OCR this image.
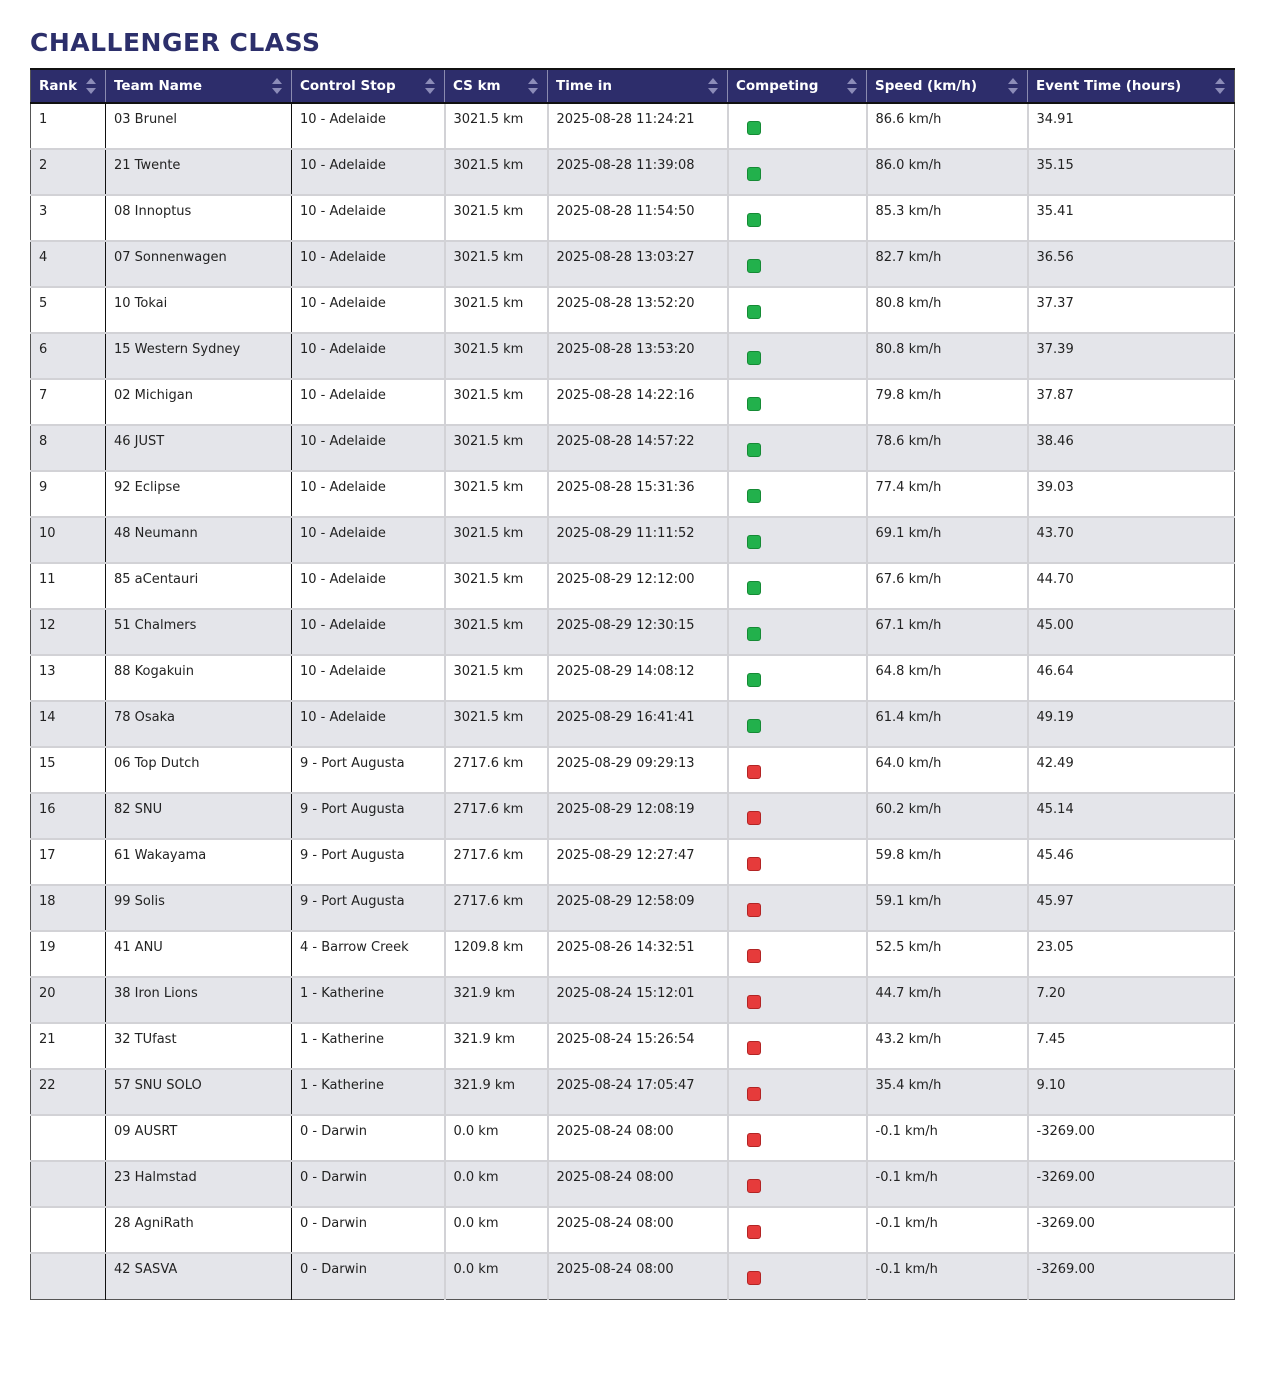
CHALLENGER CLASS
Rank	Team Name	Control Stop	CS km	Time in	Competing	Speed (km/h)	Event Time (hours)

1	03 Brunel	10 - Adelaide	3021.5 km	2025-08-28 11:24:21		86.6 km/h	34.91
2	21 Twente	10 - Adelaide	3021.5 km	2025-08-28 11:39:08		86.0 km/h	35.15
3	08 Innoptus	10 - Adelaide	3021.5 km	2025-08-28 11:54:50		85.3 km/h	35.41
4	07 Sonnenwagen	10 - Adelaide	3021.5 km	2025-08-28 13:03:27		82.7 km/h	36.56
5	10 Tokai	10 - Adelaide	3021.5 km	2025-08-28 13:52:20		80.8 km/h	37.37
6	15 Western Sydney	10 - Adelaide	3021.5 km	2025-08-28 13:53:20		80.8 km/h	37.39
7	02 Michigan	10 - Adelaide	3021.5 km	2025-08-28 14:22:16		79.8 km/h	37.87
8	46 JUST	10 - Adelaide	3021.5 km	2025-08-28 14:57:22		78.6 km/h	38.46
9	92 Eclipse	10 - Adelaide	3021.5 km	2025-08-28 15:31:36		77.4 km/h	39.03
10	48 Neumann	10 - Adelaide	3021.5 km	2025-08-29 11:11:52		69.1 km/h	43.70
11	85 aCentauri	10 - Adelaide	3021.5 km	2025-08-29 12:12:00		67.6 km/h	44.70
12	51 Chalmers	10 - Adelaide	3021.5 km	2025-08-29 12:30:15		67.1 km/h	45.00
13	88 Kogakuin	10 - Adelaide	3021.5 km	2025-08-29 14:08:12		64.8 km/h	46.64
14	78 Osaka	10 - Adelaide	3021.5 km	2025-08-29 16:41:41		61.4 km/h	49.19
15	06 Top Dutch	9 - Port Augusta	2717.6 km	2025-08-29 09:29:13		64.0 km/h	42.49
16	82 SNU	9 - Port Augusta	2717.6 km	2025-08-29 12:08:19		60.2 km/h	45.14
17	61 Wakayama	9 - Port Augusta	2717.6 km	2025-08-29 12:27:47		59.8 km/h	45.46
18	99 Solis	9 - Port Augusta	2717.6 km	2025-08-29 12:58:09		59.1 km/h	45.97
19	41 ANU	4 - Barrow Creek	1209.8 km	2025-08-26 14:32:51		52.5 km/h	23.05
20	38 Iron Lions	1 - Katherine	321.9 km	2025-08-24 15:12:01		44.7 km/h	7.20
21	32 TUfast	1 - Katherine	321.9 km	2025-08-24 15:26:54		43.2 km/h	7.45
22	57 SNU SOLO	1 - Katherine	321.9 km	2025-08-24 17:05:47		35.4 km/h	9.10
	09 AUSRT	0 - Darwin	0.0 km	2025-08-24 08:00		-0.1 km/h	-3269.00
	23 Halmstad	0 - Darwin	0.0 km	2025-08-24 08:00		-0.1 km/h	-3269.00
	28 AgniRath	0 - Darwin	0.0 km	2025-08-24 08:00		-0.1 km/h	-3269.00
	42 SASVA	0 - Darwin	0.0 km	2025-08-24 08:00		-0.1 km/h	-3269.00
